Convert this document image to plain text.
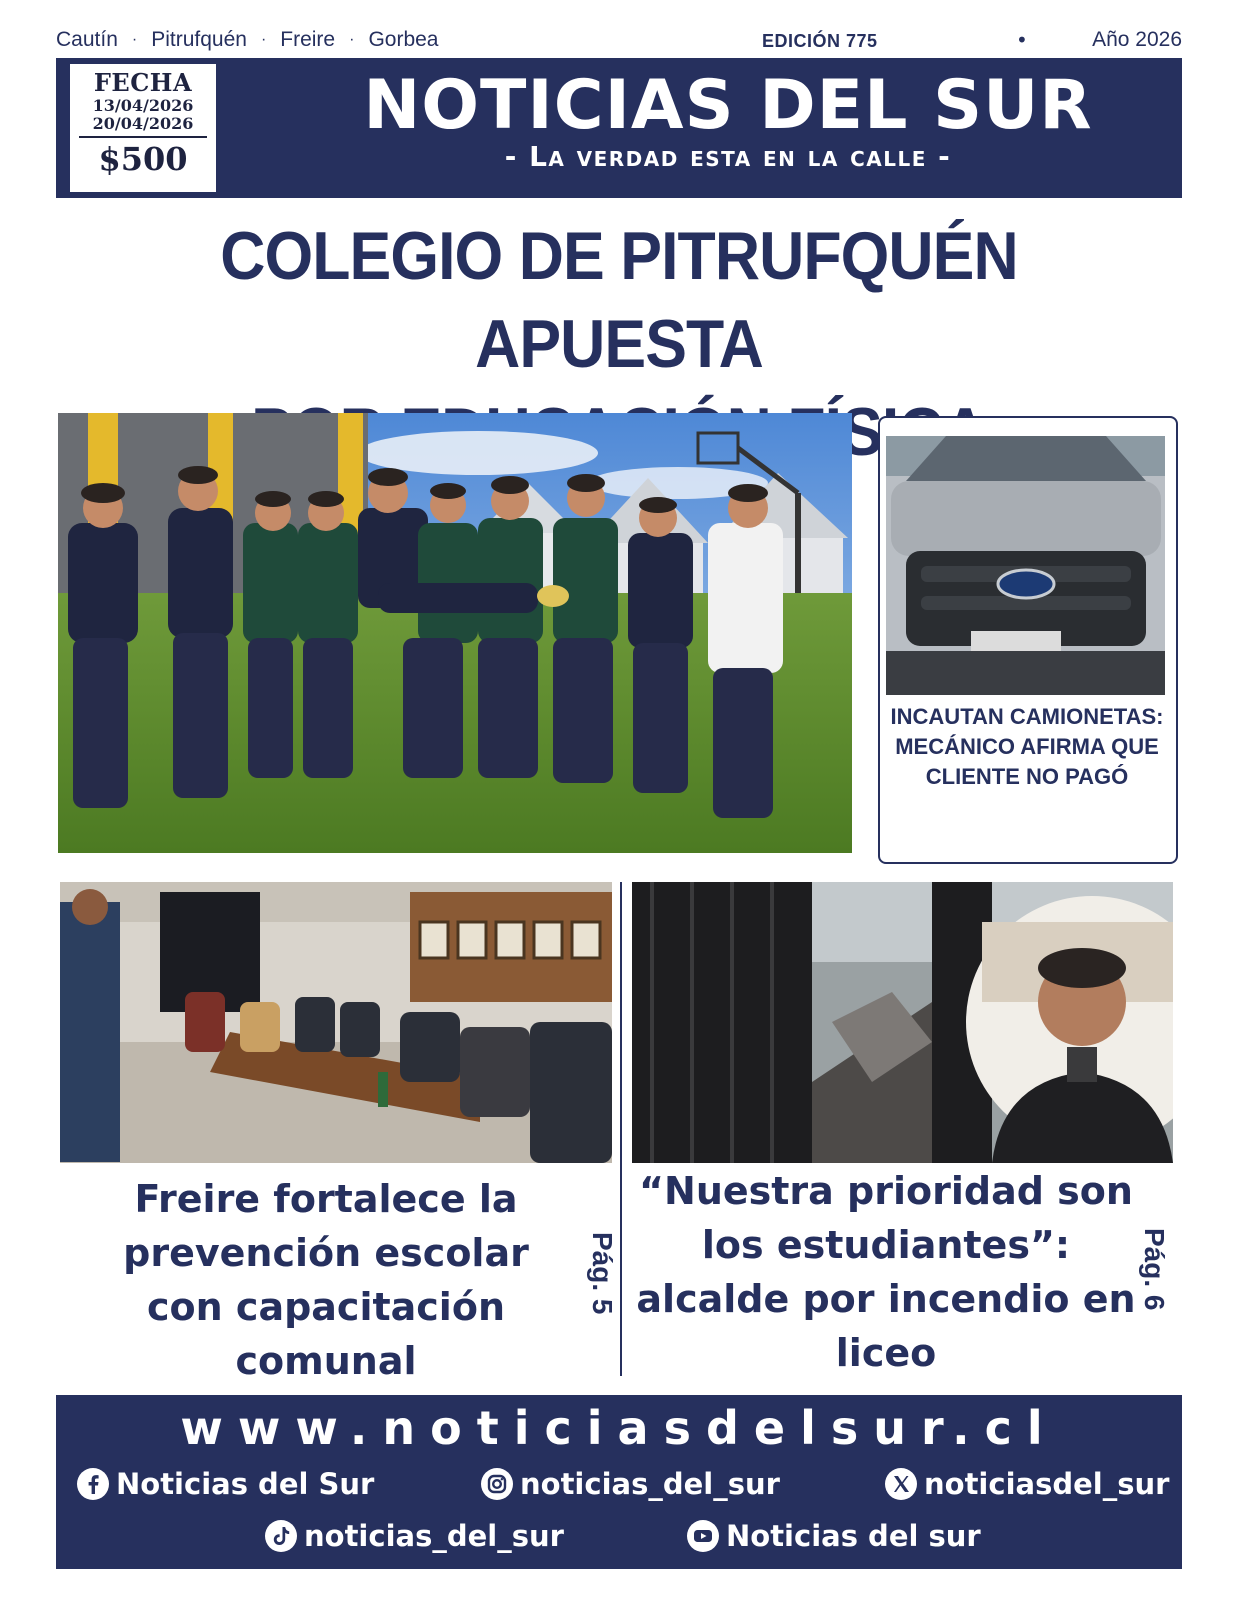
Cautín · Pitrufquén · Freire · Gorbea	EDICIÓN 775	•	Año 2026
FECHA
13/04/2026
20/04/2026
$500
NOTICIAS DEL SUR
- La verdad esta en la calle -
COLEGIO DE PITRUFQUÉN APUESTA
INCAUTAN CAMIONETAS: MECÁNICO AFIRMA QUE CLIENTE NO PAGÓ
Freire fortalece la prevención escolar con capacitación comunal
Pág. 5
“Nuestra prioridad son los estudiantes”: alcalde por incendio en liceo
Pág. 6
www.noticiasdelsur.cl
Noticias del Sur	noticias_del_sur	noticiasdel_sur
noticias_del_sur	Noticias del sur
